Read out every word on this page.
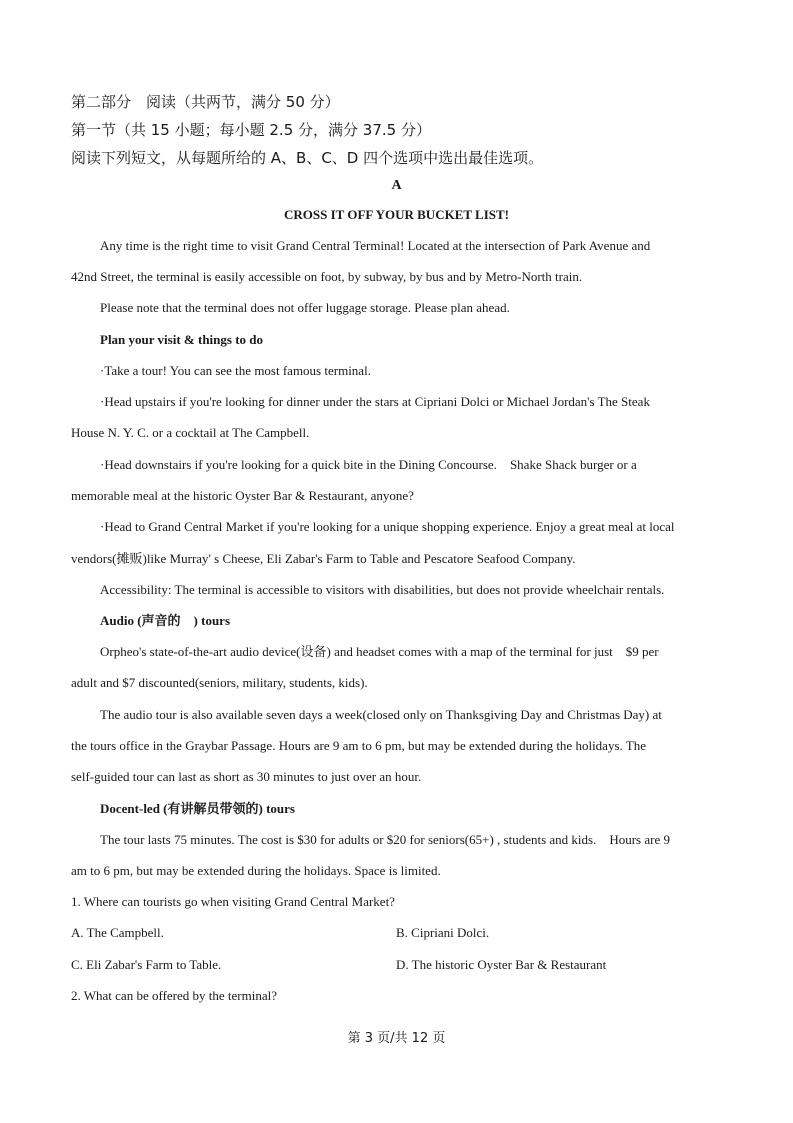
第二部分　阅读（共两节，满分 50 分）
第一节（共 15 小题；每小题 2.5 分，满分 37.5 分）
阅读下列短文，从每题所给的 A、B、C、D 四个选项中选出最佳选项。
A
CROSS IT OFF YOUR BUCKET LIST!
Any time is the right time to visit Grand Central Terminal! Located at the intersection of Park Avenue and
42nd Street, the terminal is easily accessible on foot, by subway, by bus and by Metro-North train.
Please note that the terminal does not offer luggage storage. Please plan ahead.
Plan your visit & things to do
·Take a tour! You can see the most famous terminal.
·Head upstairs if you're looking for dinner under the stars at Cipriani Dolci or Michael Jordan's The Steak
House N. Y. C. or a cocktail at The Campbell.
·Head downstairs if you're looking for a quick bite in the Dining Concourse.　Shake Shack burger or a
memorable meal at the historic Oyster Bar & Restaurant, anyone?
·Head to Grand Central Market if you're looking for a unique shopping experience. Enjoy a great meal at local
vendors(摊贩)like Murray' s Cheese, Eli Zabar's Farm to Table and Pescatore Seafood Company.
Accessibility: The terminal is accessible to visitors with disabilities, but does not provide wheelchair rentals.
Audio (声音的　) tours
Orpheo's state-of-the-art audio device(设备) and headset comes with a map of the terminal for just　$9 per
adult and $7 discounted(seniors, military, students, kids).
The audio tour is also available seven days a week(closed only on Thanksgiving Day and Christmas Day) at
the tours office in the Graybar Passage. Hours are 9 am to 6 pm, but may be extended during the holidays. The
self-guided tour can last as short as 30 minutes to just over an hour.
Docent-led (有讲解员带领的) tours
The tour lasts 75 minutes. The cost is $30 for adults or $20 for seniors(65+) , students and kids.　Hours are 9
am to 6 pm, but may be extended during the holidays. Space is limited.
1. Where can tourists go when visiting Grand Central Market?
A. The Campbell.	B. Cipriani Dolci.
C. Eli Zabar's Farm to Table.	D. The historic Oyster Bar & Restaurant
2. What can be offered by the terminal?
第 3 页/共 12 页
